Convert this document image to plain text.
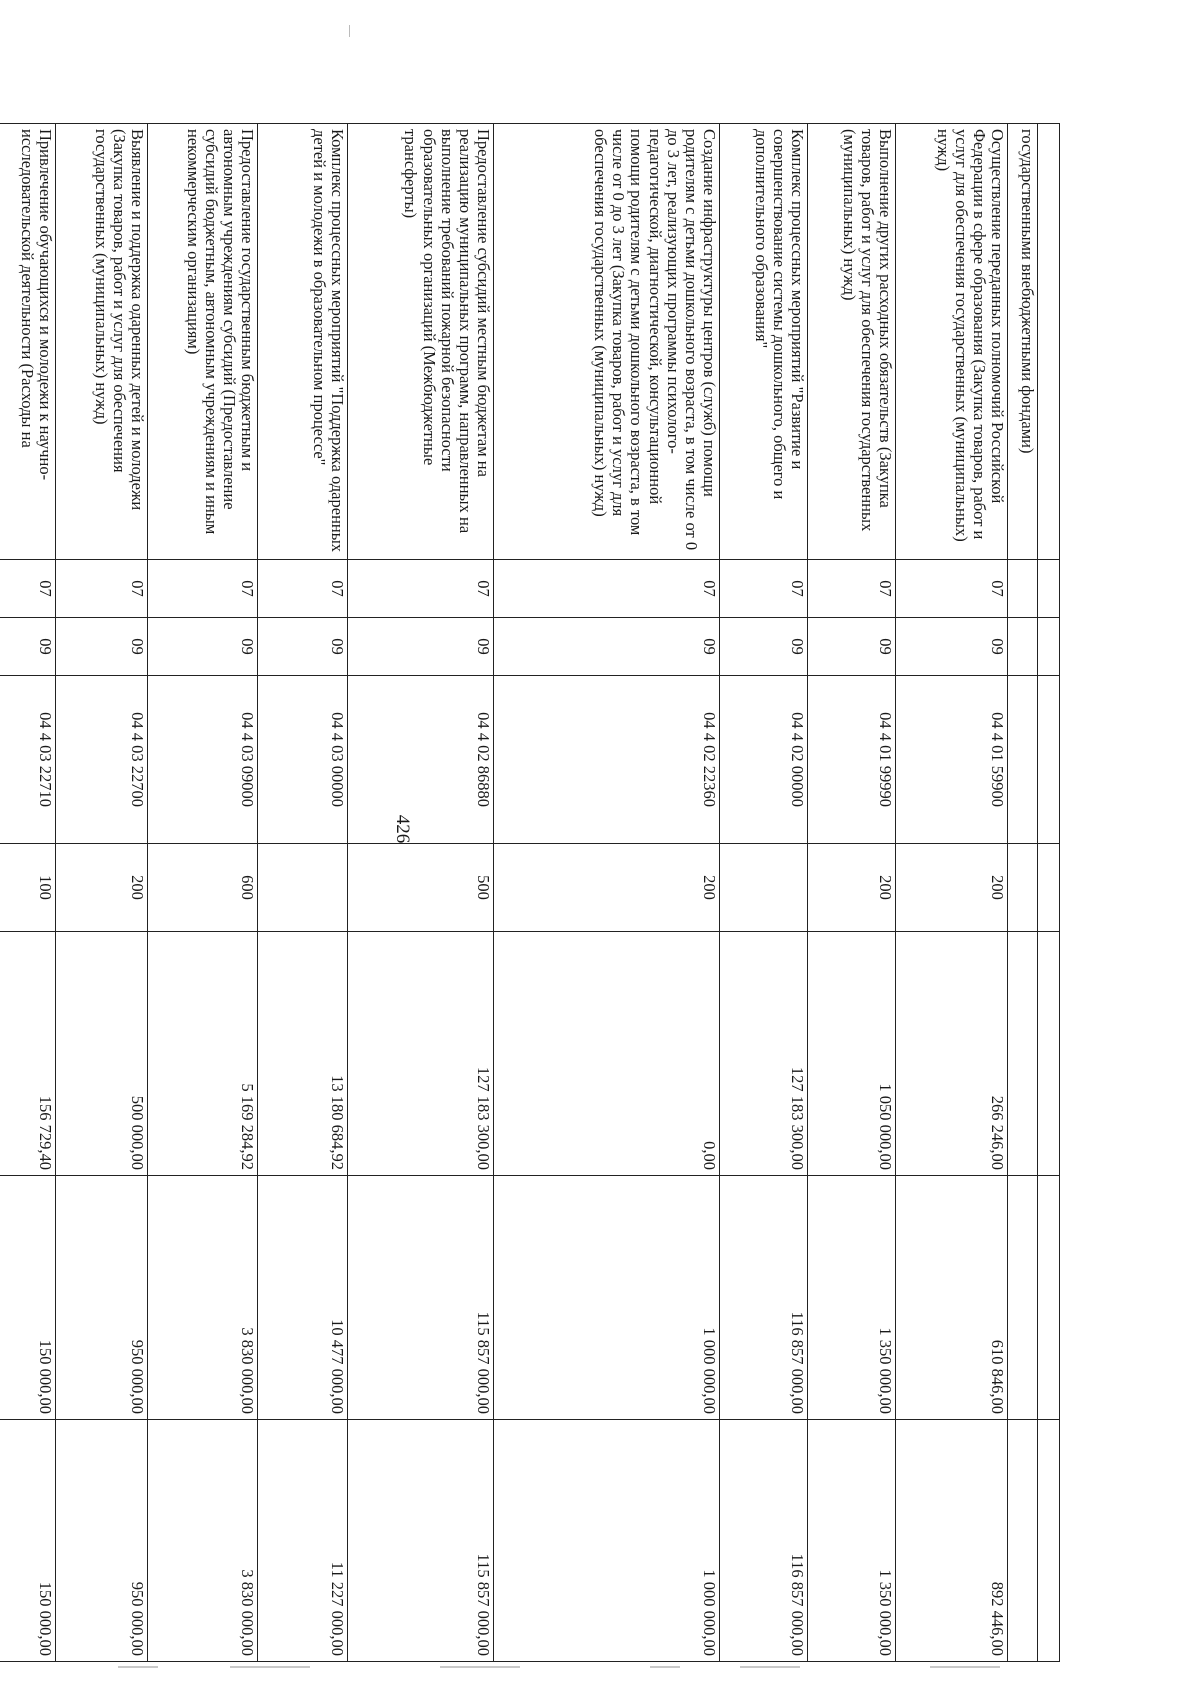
426

государственными внебюджетными фондами)							
Осуществление переданных полномочий Российской Федерации в сфере образования (Закупка товаров, работ и услуг для обеспечения государственных (муниципальных) нужд)	07	09	04 4 01 59900	200	266 246,00	610 846,00	892 446,00
Выполнение других расходных обязательств (Закупка товаров, работ и услуг для обеспечения государственных (муниципальных) нужд)	07	09	04 4 01 99990	200	1 050 000,00	1 350 000,00	1 350 000,00
Комплекс процессных мероприятий "Развитие и совершенствование системы дошкольного, общего и дополнительного образования"	07	09	04 4 02 00000		127 183 300,00	116 857 000,00	116 857 000,00
Создание инфраструктуры центров (служб) помощи родителям с детьми дошкольного возраста, в том числе от 0 до 3 лет, реализующих программы психолого-педагогической, диагностической, консультационной помощи родителям с детьми дошкольного возраста, в том числе от 0 до 3 лет (Закупка товаров, работ и услуг для обеспечения государственных (муниципальных) нужд)	07	09	04 4 02 22360	200	0,00	1 000 000,00	1 000 000,00
Предоставление субсидий местным бюджетам на реализацию муниципальных программ, направленных на выполнение требований пожарной безопасности образовательных организаций (Межбюджетные трансферты)	07	09	04 4 02 86880	500	127 183 300,00	115 857 000,00	115 857 000,00
Комплекс процессных мероприятий "Поддержка одаренных детей и молодежи в образовательном процессе"	07	09	04 4 03 00000		13 180 684,92	10 477 000,00	11 227 000,00
Предоставление государственным бюджетным и автономным учреждениям субсидий (Предоставление субсидий бюджетным, автономным учреждениям и иным некоммерческим организациям)	07	09	04 4 03 09000	600	5 169 284,92	3 830 000,00	3 830 000,00
Выявление и поддержка одаренных детей и молодежи (Закупка товаров, работ и услуг для обеспечения государственных (муниципальных) нужд)	07	09	04 4 03 22700	200	500 000,00	950 000,00	950 000,00
Привлечение обучающихся и молодежи к научно-исследовательской деятельности (Расходы на	07	09	04 4 03 22710	100	156 729,40	150 000,00	150 000,00
